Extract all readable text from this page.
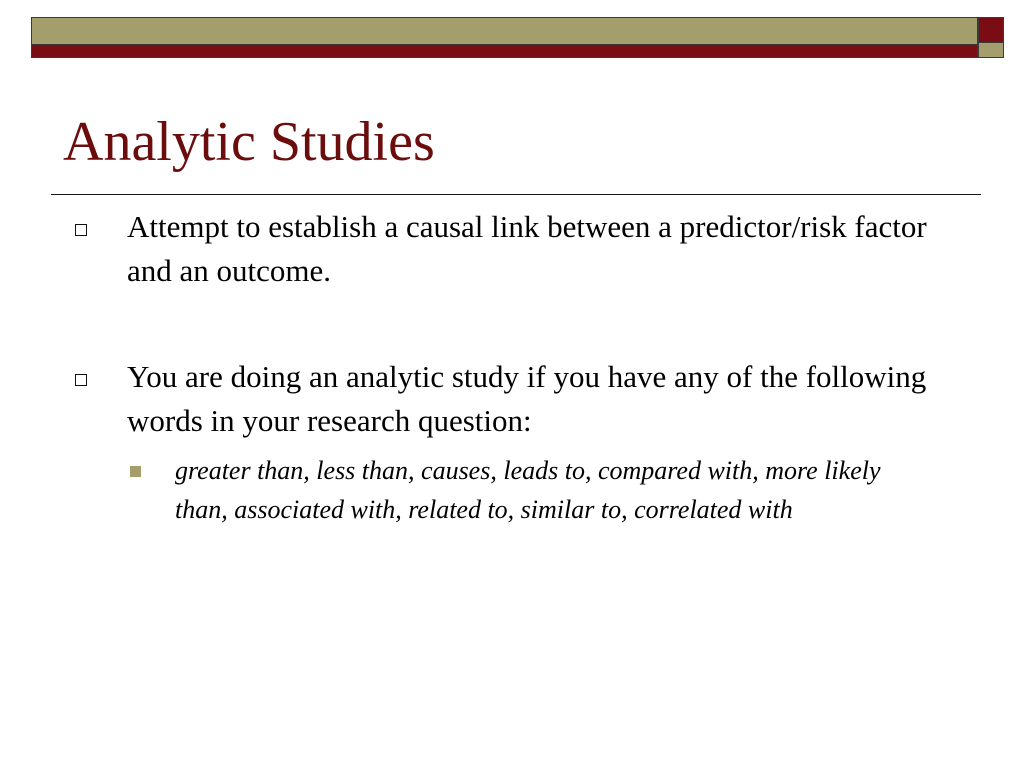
Analytic Studies

Attempt to establish a causal link between a predictor/risk factor and an outcome.

You are doing an analytic study if you have any of the following words in your research question:

greater than, less than, causes, leads to, compared with, more likely than, associated with, related to, similar to, correlated with
